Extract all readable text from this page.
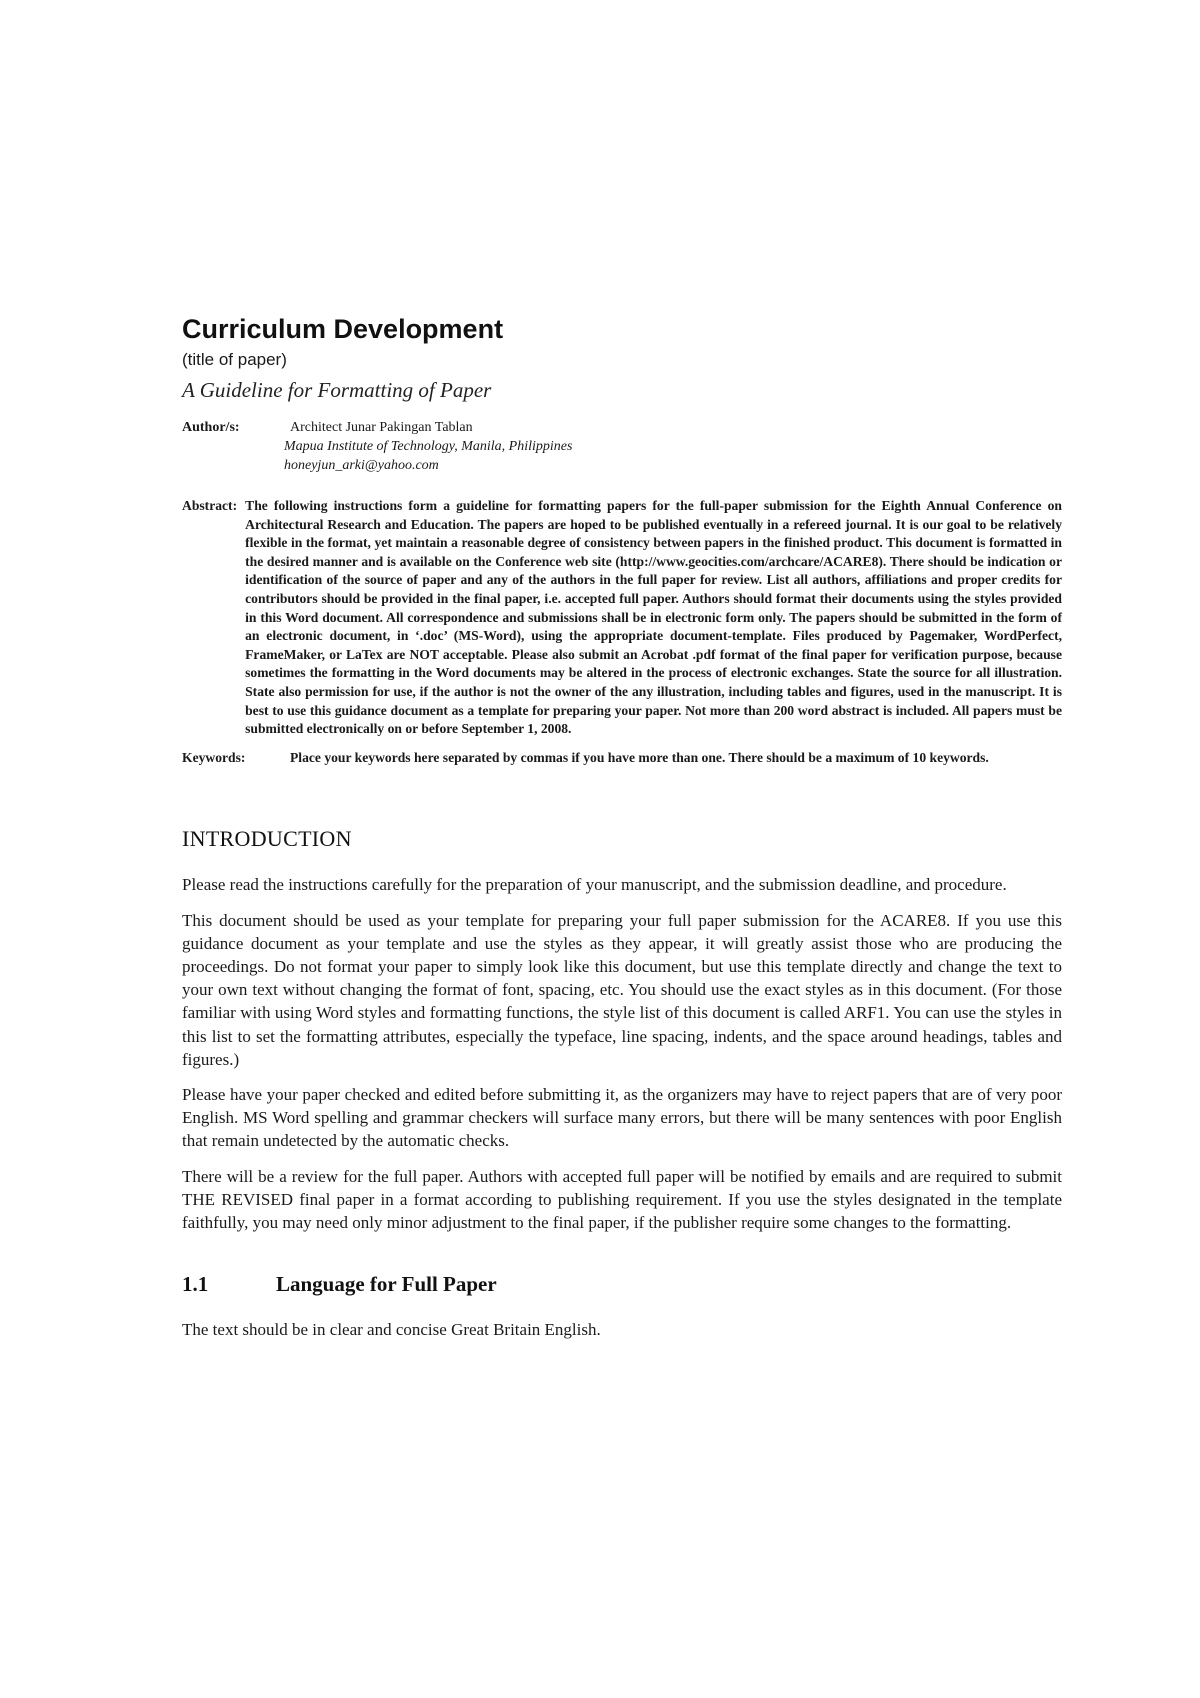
Curriculum Development
(title of paper)
A Guideline for Formatting of Paper
Author/s:	Architect Junar Pakingan Tablan
Mapua Institute of Technology, Manila, Philippines
honeyjun_arki@yahoo.com
Abstract: The following instructions form a guideline for formatting papers for the full-paper submission for the Eighth Annual Conference on Architectural Research and Education. The papers are hoped to be published eventually in a refereed journal. It is our goal to be relatively flexible in the format, yet maintain a reasonable degree of consistency between papers in the finished product. This document is formatted in the desired manner and is available on the Conference web site (http://www.geocities.com/archcare/ACARE8). There should be indication or identification of the source of paper and any of the authors in the full paper for review. List all authors, affiliations and proper credits for contributors should be provided in the final paper, i.e. accepted full paper. Authors should format their documents using the styles provided in this Word document. All correspondence and submissions shall be in electronic form only. The papers should be submitted in the form of an electronic document, in ‘.doc’ (MS-Word), using the appropriate document-template. Files produced by Pagemaker, WordPerfect, FrameMaker, or LaTex are NOT acceptable. Please also submit an Acrobat .pdf format of the final paper for verification purpose, because sometimes the formatting in the Word documents may be altered in the process of electronic exchanges. State the source for all illustration. State also permission for use, if the author is not the owner of the any illustration, including tables and figures, used in the manuscript. It is best to use this guidance document as a template for preparing your paper. Not more than 200 word abstract is included. All papers must be submitted electronically on or before September 1, 2008.

Keywords:	Place your keywords here separated by commas if you have more than one. There should be a maximum of 10 keywords.
INTRODUCTION

Please read the instructions carefully for the preparation of your manuscript, and the submission deadline, and procedure.

This document should be used as your template for preparing your full paper submission for the ACARE8. If you use this guidance document as your template and use the styles as they appear, it will greatly assist those who are producing the proceedings. Do not format your paper to simply look like this document, but use this template directly and change the text to your own text without changing the format of font, spacing, etc. You should use the exact styles as in this document. (For those familiar with using Word styles and formatting functions, the style list of this document is called ARF1. You can use the styles in this list to set the formatting attributes, especially the typeface, line spacing, indents, and the space around headings, tables and figures.)

Please have your paper checked and edited before submitting it, as the organizers may have to reject papers that are of very poor English. MS Word spelling and grammar checkers will surface many errors, but there will be many sentences with poor English that remain undetected by the automatic checks.

There will be a review for the full paper. Authors with accepted full paper will be notified by emails and are required to submit THE REVISED final paper in a format according to publishing requirement. If you use the styles designated in the template faithfully, you may need only minor adjustment to the final paper, if the publisher require some changes to the formatting.

1.1	Language for Full Paper

The text should be in clear and concise Great Britain English.
